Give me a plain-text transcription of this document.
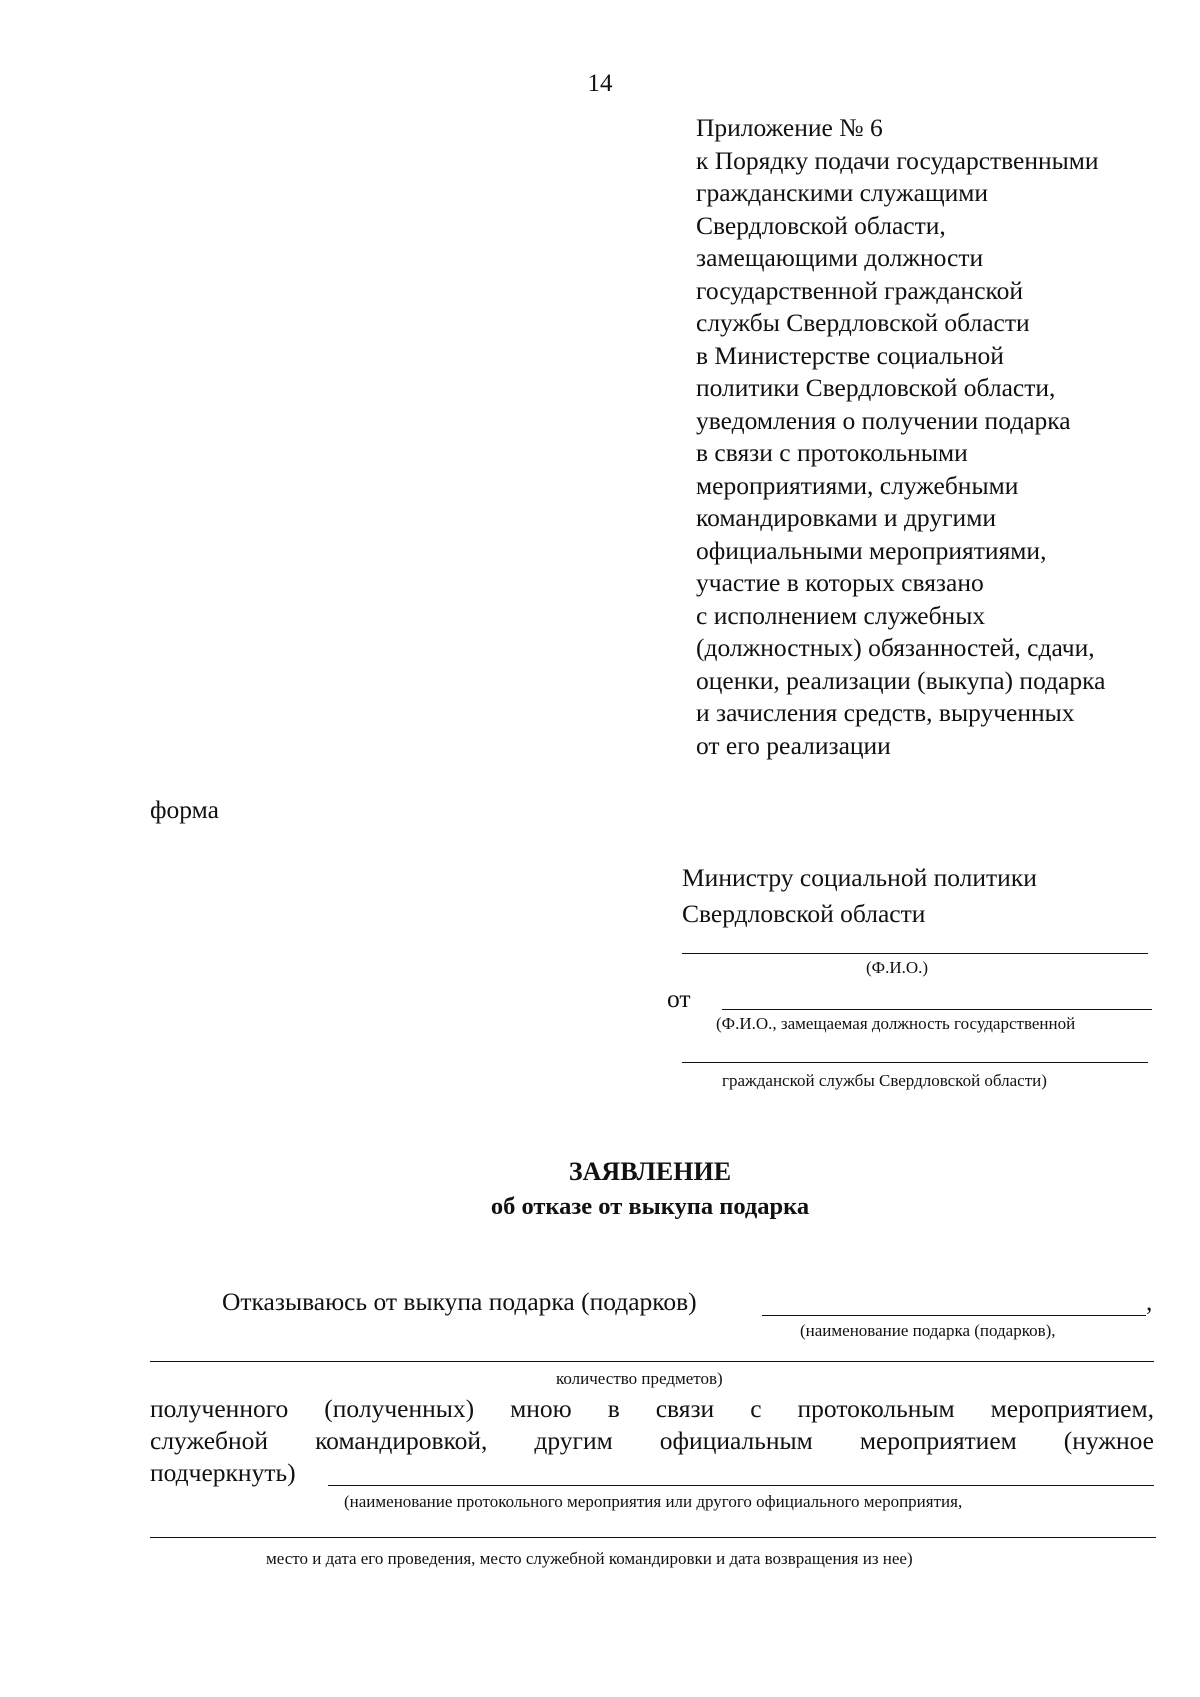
14
Приложение № 6
к Порядку подачи государственными
гражданскими служащими
Свердловской области,
замещающими должности
государственной гражданской
службы Свердловской области
в Министерстве социальной
политики Свердловской области,
уведомления о получении подарка
в связи с протокольными
мероприятиями, служебными
командировками и другими
официальными мероприятиями,
участие в которых связано
с исполнением служебных
(должностных) обязанностей, сдачи,
оценки, реализации (выкупа) подарка
и зачисления средств, вырученных
от его реализации
форма
Министру социальной политики
Свердловской области
(Ф.И.О.)
от
(Ф.И.О., замещаемая должность государственной
гражданской службы Свердловской области)
ЗАЯВЛЕНИЕ
об отказе от выкупа подарка
Отказываюсь от выкупа подарка (подарков)	,
(наименование подарка (подарков),
количество предметов)
полученного (полученных) мною в связи с протокольным мероприятием,
служебной командировкой, другим официальным мероприятием (нужное
подчеркнуть)
(наименование протокольного мероприятия или другого официального мероприятия,
место и дата его проведения, место служебной командировки и дата возвращения из нее)
